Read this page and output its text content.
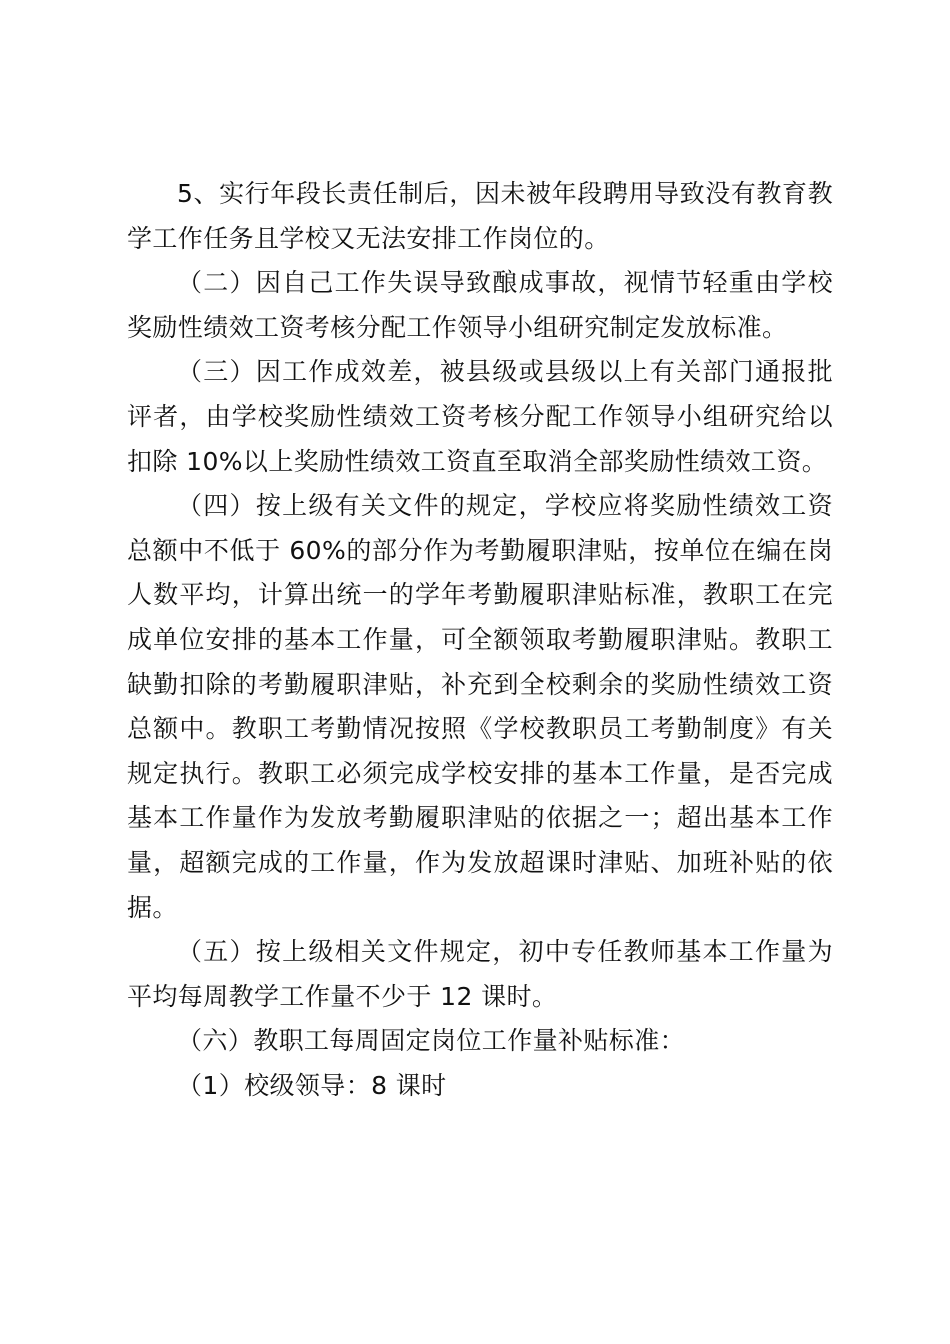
5、实行年段长责任制后，因未被年段聘用导致没有教育教学工作任务且学校又无法安排工作岗位的。

（二）因自己工作失误导致酿成事故，视情节轻重由学校奖励性绩效工资考核分配工作领导小组研究制定发放标准。

（三）因工作成效差，被县级或县级以上有关部门通报批评者，由学校奖励性绩效工资考核分配工作领导小组研究给以扣除 10%以上奖励性绩效工资直至取消全部奖励性绩效工资。

（四）按上级有关文件的规定，学校应将奖励性绩效工资总额中不低于 60%的部分作为考勤履职津贴，按单位在编在岗人数平均，计算出统一的学年考勤履职津贴标准，教职工在完成单位安排的基本工作量，可全额领取考勤履职津贴。教职工缺勤扣除的考勤履职津贴，补充到全校剩余的奖励性绩效工资总额中。教职工考勤情况按照《学校教职员工考勤制度》有关规定执行。教职工必须完成学校安排的基本工作量，是否完成基本工作量作为发放考勤履职津贴的依据之一；超出基本工作量，超额完成的工作量，作为发放超课时津贴、加班补贴的依据。

（五）按上级相关文件规定，初中专任教师基本工作量为平均每周教学工作量不少于 12 课时。

（六）教职工每周固定岗位工作量补贴标准：

（1）校级领导：8 课时
